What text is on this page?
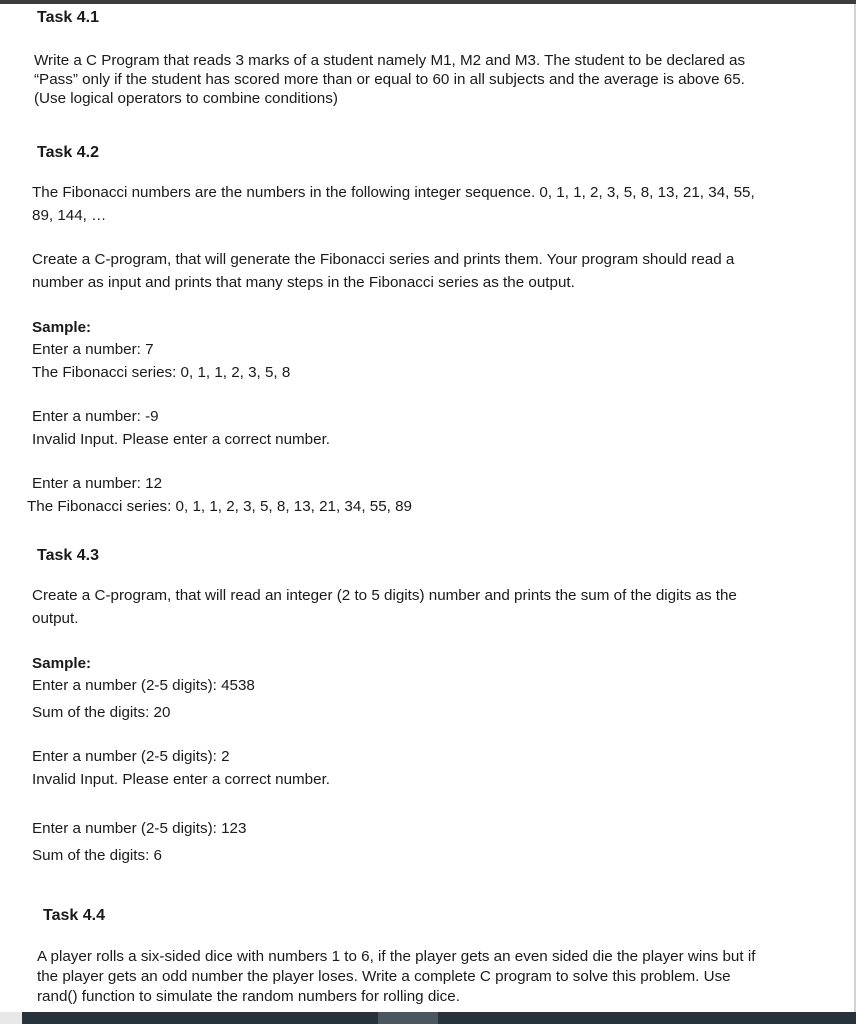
Task 4.1

Write a C Program that reads 3 marks of a student namely M1, M2 and M3. The student to be declared as

“Pass” only if the student has scored more than or equal to 60 in all subjects and the average is above 65.

(Use logical operators to combine conditions)

Task 4.2

The Fibonacci numbers are the numbers in the following integer sequence. 0, 1, 1, 2, 3, 5, 8, 13, 21, 34, 55,

89, 144, …

Create a C-program, that will generate the Fibonacci series and prints them. Your program should read a

number as input and prints that many steps in the Fibonacci series as the output.

Sample:

Enter a number: 7

The Fibonacci series: 0, 1, 1, 2, 3, 5, 8

Enter a number: -9

Invalid Input. Please enter a correct number.

Enter a number: 12

The Fibonacci series: 0, 1, 1, 2, 3, 5, 8, 13, 21, 34, 55, 89

Task 4.3

Create a C-program, that will read an integer (2 to 5 digits) number and prints the sum of the digits as the

output.

Sample:

Enter a number (2-5 digits): 4538

Sum of the digits: 20

Enter a number (2-5 digits): 2

Invalid Input. Please enter a correct number.

Enter a number (2-5 digits): 123

Sum of the digits: 6

Task 4.4

A player rolls a six-sided dice with numbers 1 to 6, if the player gets an even sided die the player wins but if

the player gets an odd number the player loses. Write a complete C program to solve this problem. Use

rand() function to simulate the random numbers for rolling dice.
